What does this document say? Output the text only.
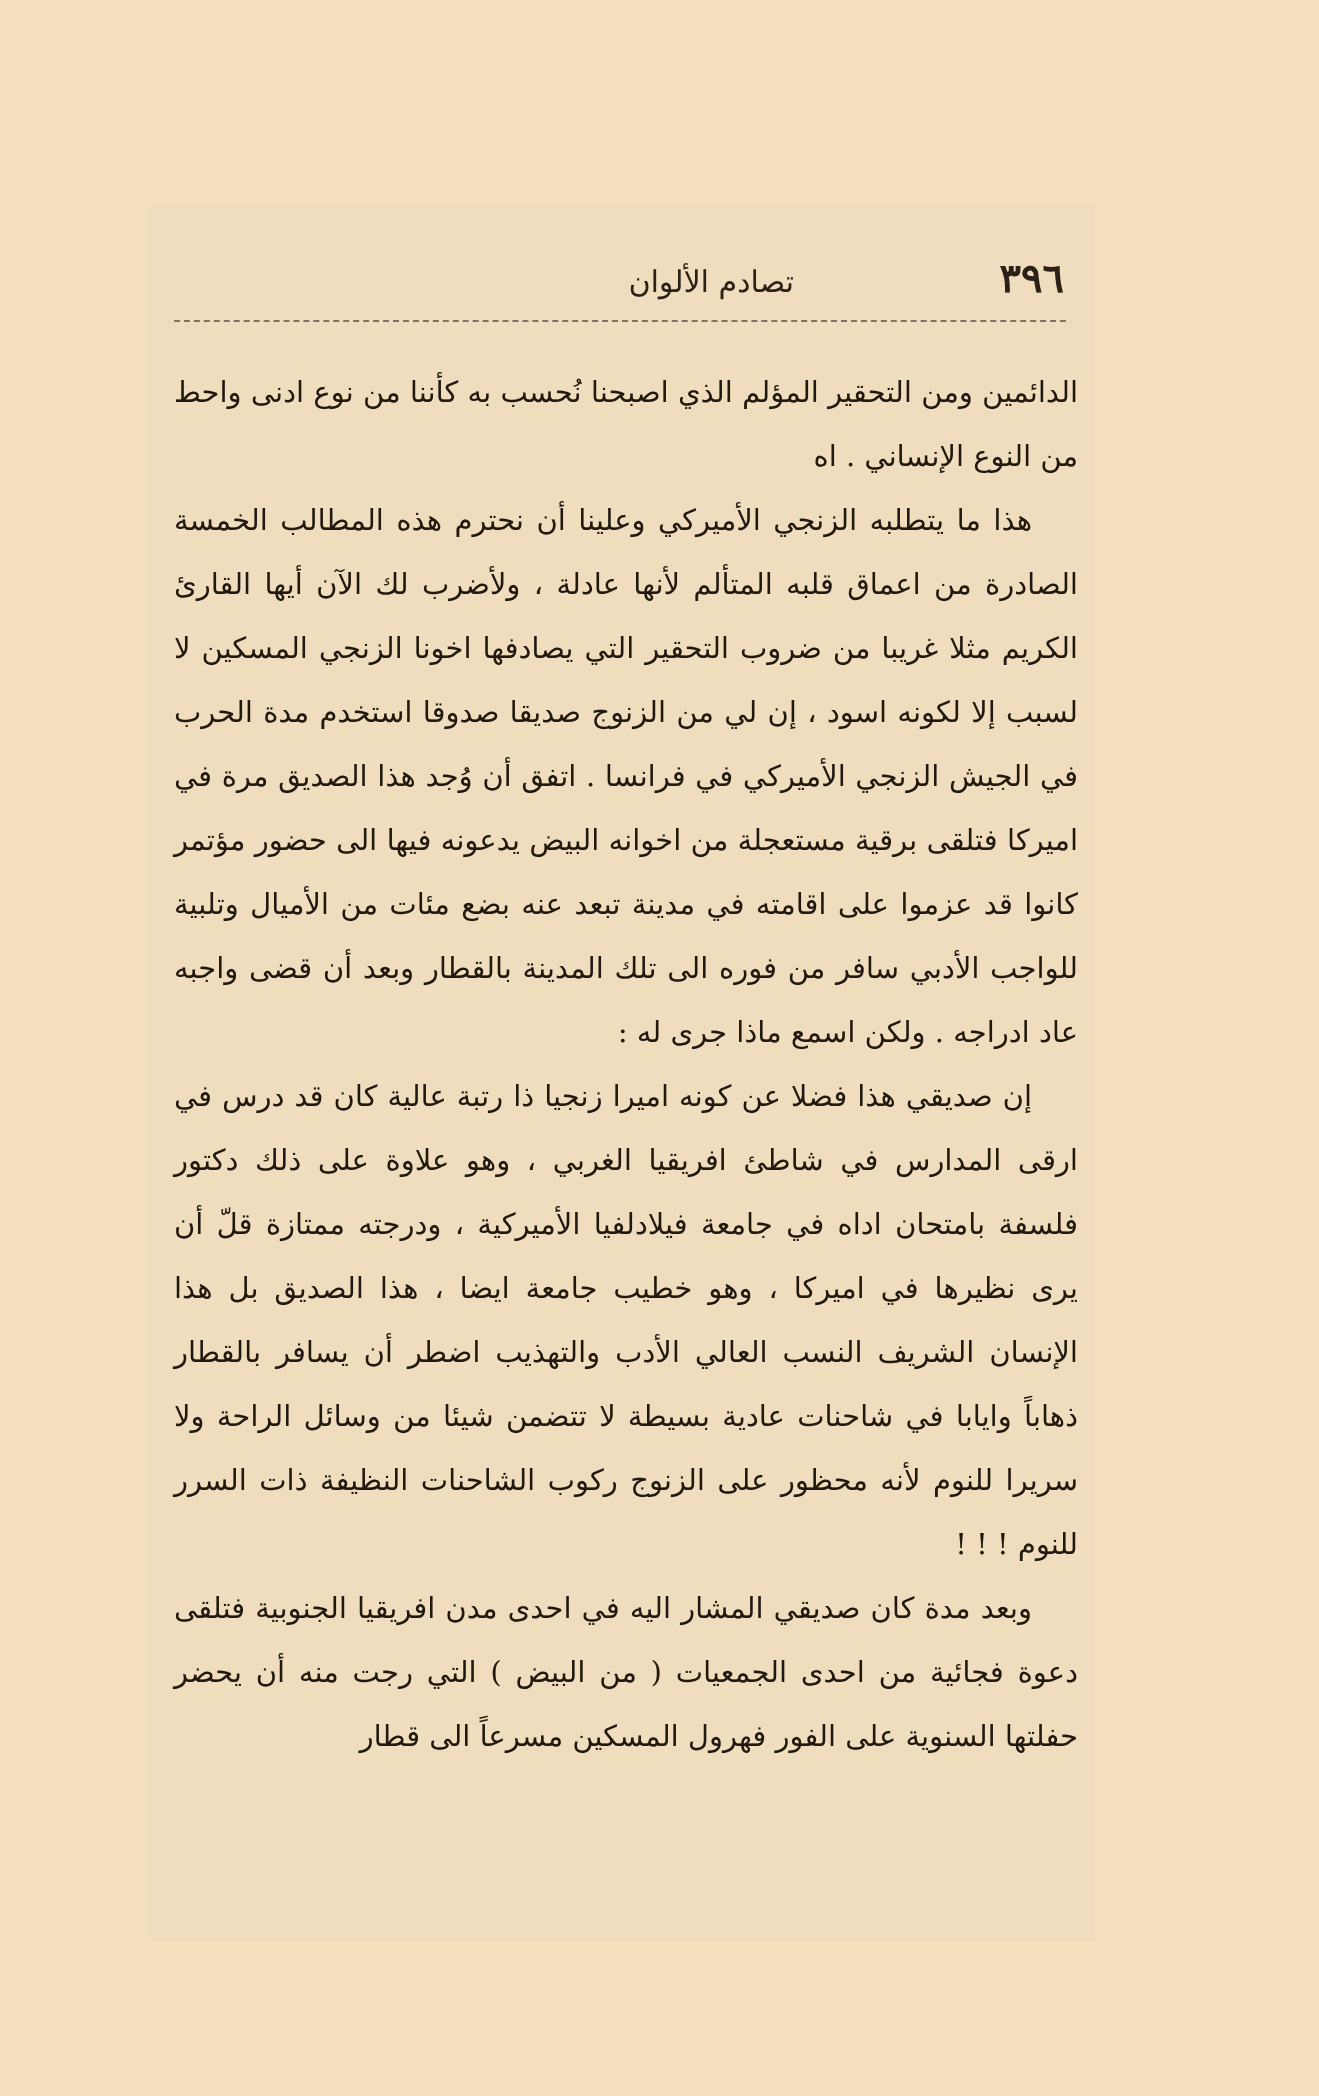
٣٩٦
تصادم الألوان

الدائمين ومن التحقير المؤلم الذي اصبحنا نُحسب به كأننا من نوع ادنى واحط من النوع الإنساني . اه

هذا ما يتطلبه الزنجي الأميركي وعلينا أن نحترم هذه المطالب الخمسة الصادرة من اعماق قلبه المتألم لأنها عادلة ، ولأضرب لك الآن أيها القارئ الكريم مثلا غريبا من ضروب التحقير التي يصادفها اخونا الزنجي المسكين لا لسبب إلا لكونه اسود ، إن لي من الزنوج صديقا صدوقا استخدم مدة الحرب في الجيش الزنجي الأميركي في فرانسا . اتفق أن وُجد هذا الصديق مرة في اميركا فتلقى برقية مستعجلة من اخوانه البيض يدعونه فيها الى حضور مؤتمر كانوا قد عزموا على اقامته في مدينة تبعد عنه بضع مئات من الأميال وتلبية للواجب الأدبي سافر من فوره الى تلك المدينة بالقطار وبعد أن قضى واجبه عاد ادراجه . ولكن اسمع ماذا جرى له :

إن صديقي هذا فضلا عن كونه اميرا زنجيا ذا رتبة عالية كان قد درس في ارقى المدارس في شاطئ افريقيا الغربي ، وهو علاوة على ذلك دكتور فلسفة بامتحان اداه في جامعة فيلادلفيا الأميركية ، ودرجته ممتازة قلّ أن يرى نظيرها في اميركا ، وهو خطيب جامعة ايضا ، هذا الصديق بل هذا الإنسان الشريف النسب العالي الأدب والتهذيب اضطر أن يسافر بالقطار ذهاباً وايابا في شاحنات عادية بسيطة لا تتضمن شيئا من وسائل الراحة ولا سريرا للنوم لأنه محظور على الزنوج ركوب الشاحنات النظيفة ذات السرر للنوم ! ! !

وبعد مدة كان صديقي المشار اليه في احدى مدن افريقيا الجنوبية فتلقى دعوة فجائية من احدى الجمعيات ( من البيض ) التي رجت منه أن يحضر حفلتها السنوية على الفور فهرول المسكين مسرعاً الى قطار
